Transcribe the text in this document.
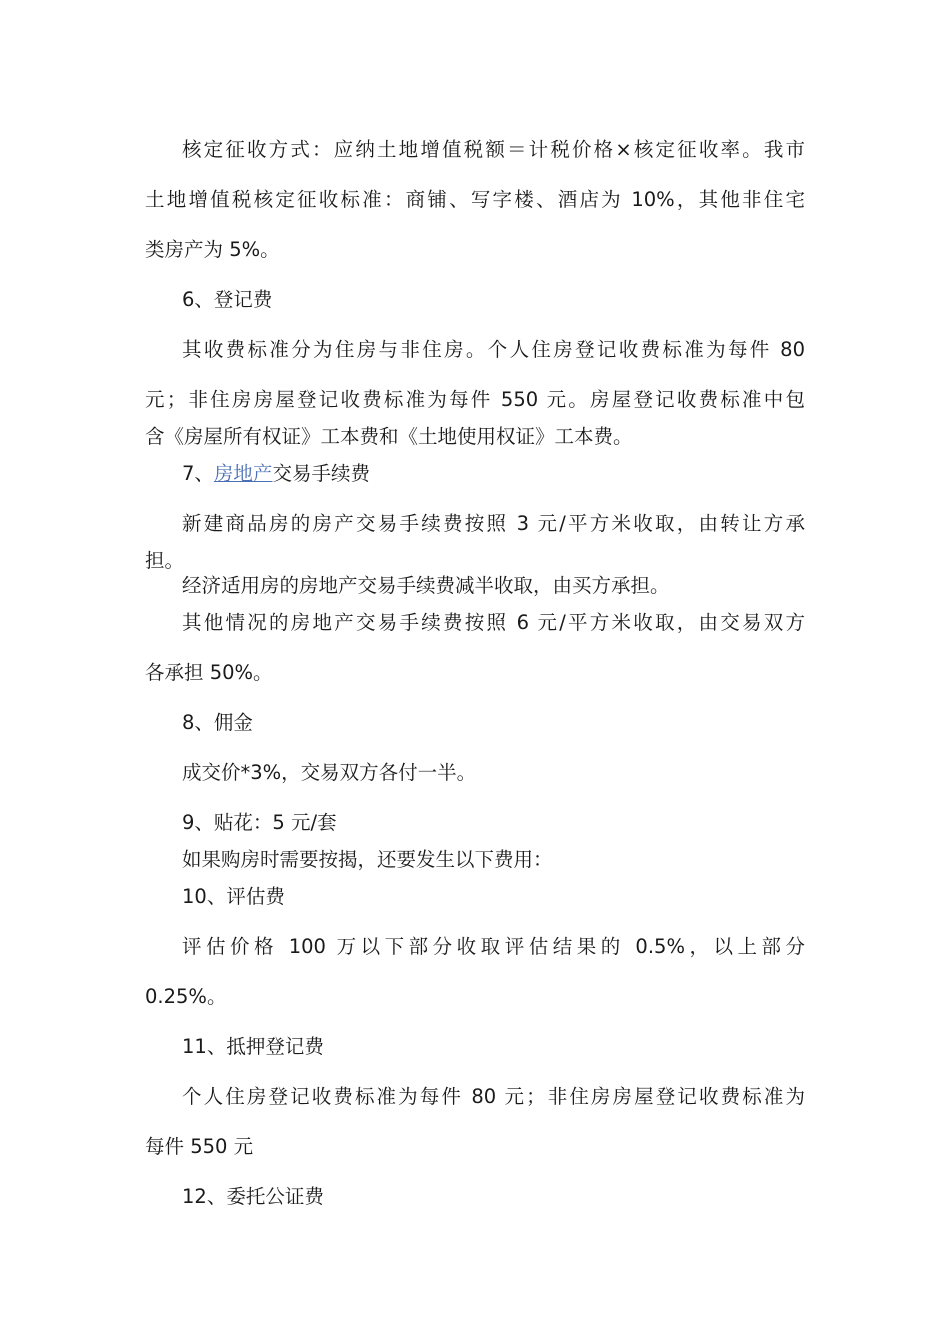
核定征收方式：应纳土地增值税额＝计税价格×核定征收率。我市
土地增值税核定征收标准：商铺、写字楼、酒店为 10%，其他非住宅
类房产为 5%。
6、登记费
其收费标准分为住房与非住房。个人住房登记收费标准为每件 80
元；非住房房屋登记收费标准为每件 550 元。房屋登记收费标准中包
含《房屋所有权证》工本费和《土地使用权证》工本费。
7、房地产交易手续费
新建商品房的房产交易手续费按照 3 元/平方米收取，由转让方承
担。
经济适用房的房地产交易手续费减半收取，由买方承担。
其他情况的房地产交易手续费按照 6 元/平方米收取，由交易双方
各承担 50%。
8、佣金
成交价*3%，交易双方各付一半。
9、贴花：5 元/套
如果购房时需要按揭，还要发生以下费用：
10、评估费
评估价格 100 万以下部分收取评估结果的 0.5%，以上部分
0.25%。
11、抵押登记费
个人住房登记收费标准为每件 80 元；非住房房屋登记收费标准为
每件 550 元
12、委托公证费
